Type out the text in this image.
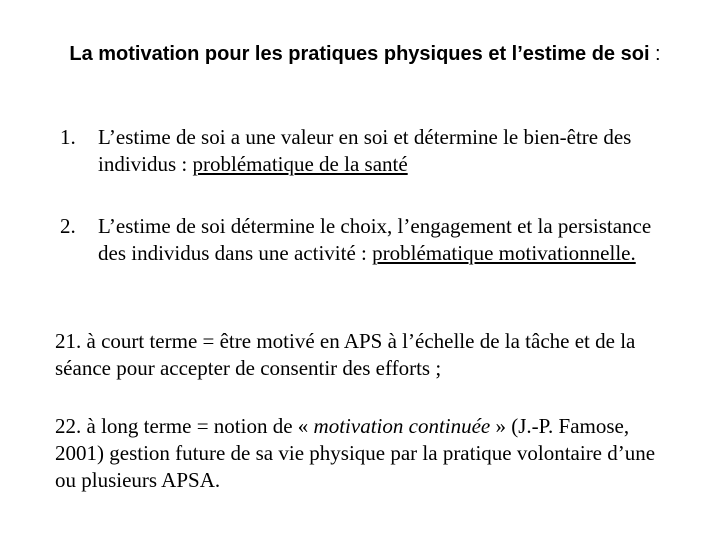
La motivation pour les pratiques physiques et l’estime de soi :
1.	L’estime de soi a une valeur en soi et détermine le bien-être des individus : problématique de la santé
2.	L’estime de soi détermine le choix, l’engagement et la persistance des individus dans une activité : problématique motivationnelle.
21. à court terme = être motivé en APS à l’échelle de la tâche et de la séance pour accepter de consentir des efforts ;
22. à long terme = notion de « motivation continuée » (J.-P. Famose, 2001) gestion future de sa vie physique par la pratique volontaire d’une ou plusieurs APSA.
